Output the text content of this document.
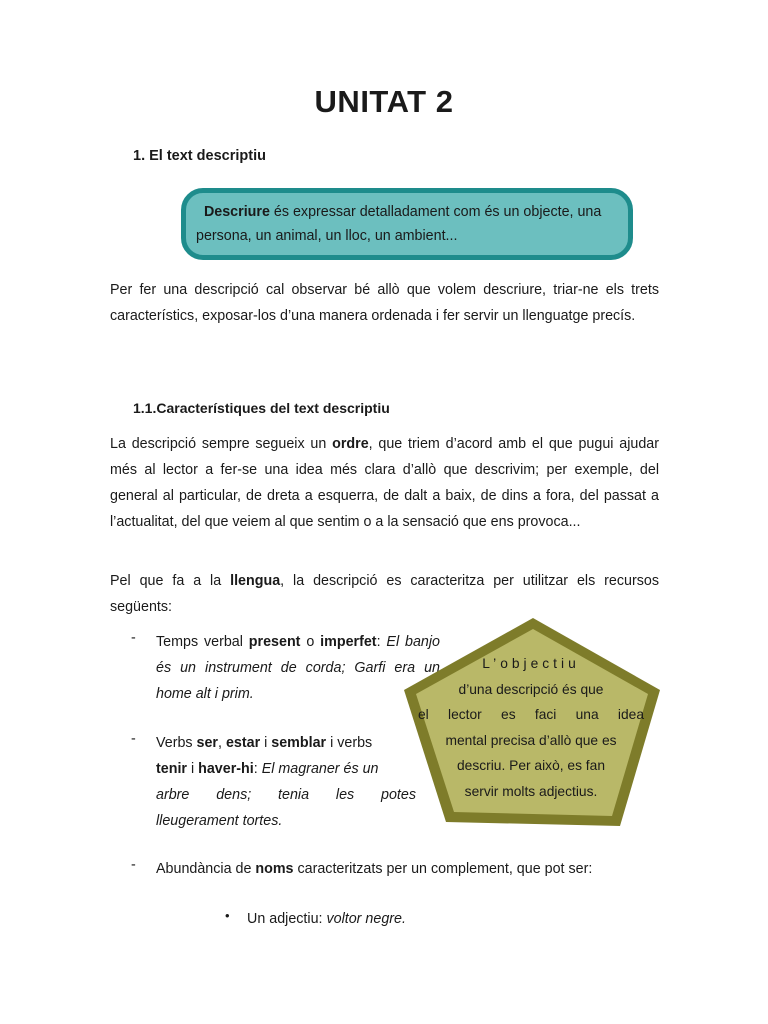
UNITAT 2
1. El text descriptiu
Descriure és expressar detalladament com és un objecte, una persona, un animal, un lloc, un ambient...
Per fer una descripció cal observar bé allò que volem descriure, triar-ne els trets característics, exposar-los d’una manera ordenada i fer servir un llenguatge precís.
1.1.Característiques del text descriptiu
La descripció sempre segueix un ordre, que triem d’acord amb el que pugui ajudar més al lector a fer-se una idea més clara d’allò que descrivim; per exemple, del general al particular, de dreta a esquerra, de dalt a baix, de dins a fora, del passat a l’actualitat, del que veiem al que sentim o a la sensació que ens provoca...
Pel que fa a la llengua, la descripció es caracteritza per utilitzar els recursos següents:
- Temps verbal present o imperfet: El banjo és un instrument de corda; Garfi era un home alt i prim.
- Verbs ser, estar i semblar i verbs
tenir i haver-hi: El magraner és un
arbre dens; tenia les potes
lleugerament tortes.
- Abundància de noms caracteritzats per un complement, que pot ser:
• Un adjectiu: voltor negre.
L’objectiu
d’una descripció és que
el lector es faci una idea
mental precisa d’allò que es
descriu. Per això, es fan
servir molts adjectius.
